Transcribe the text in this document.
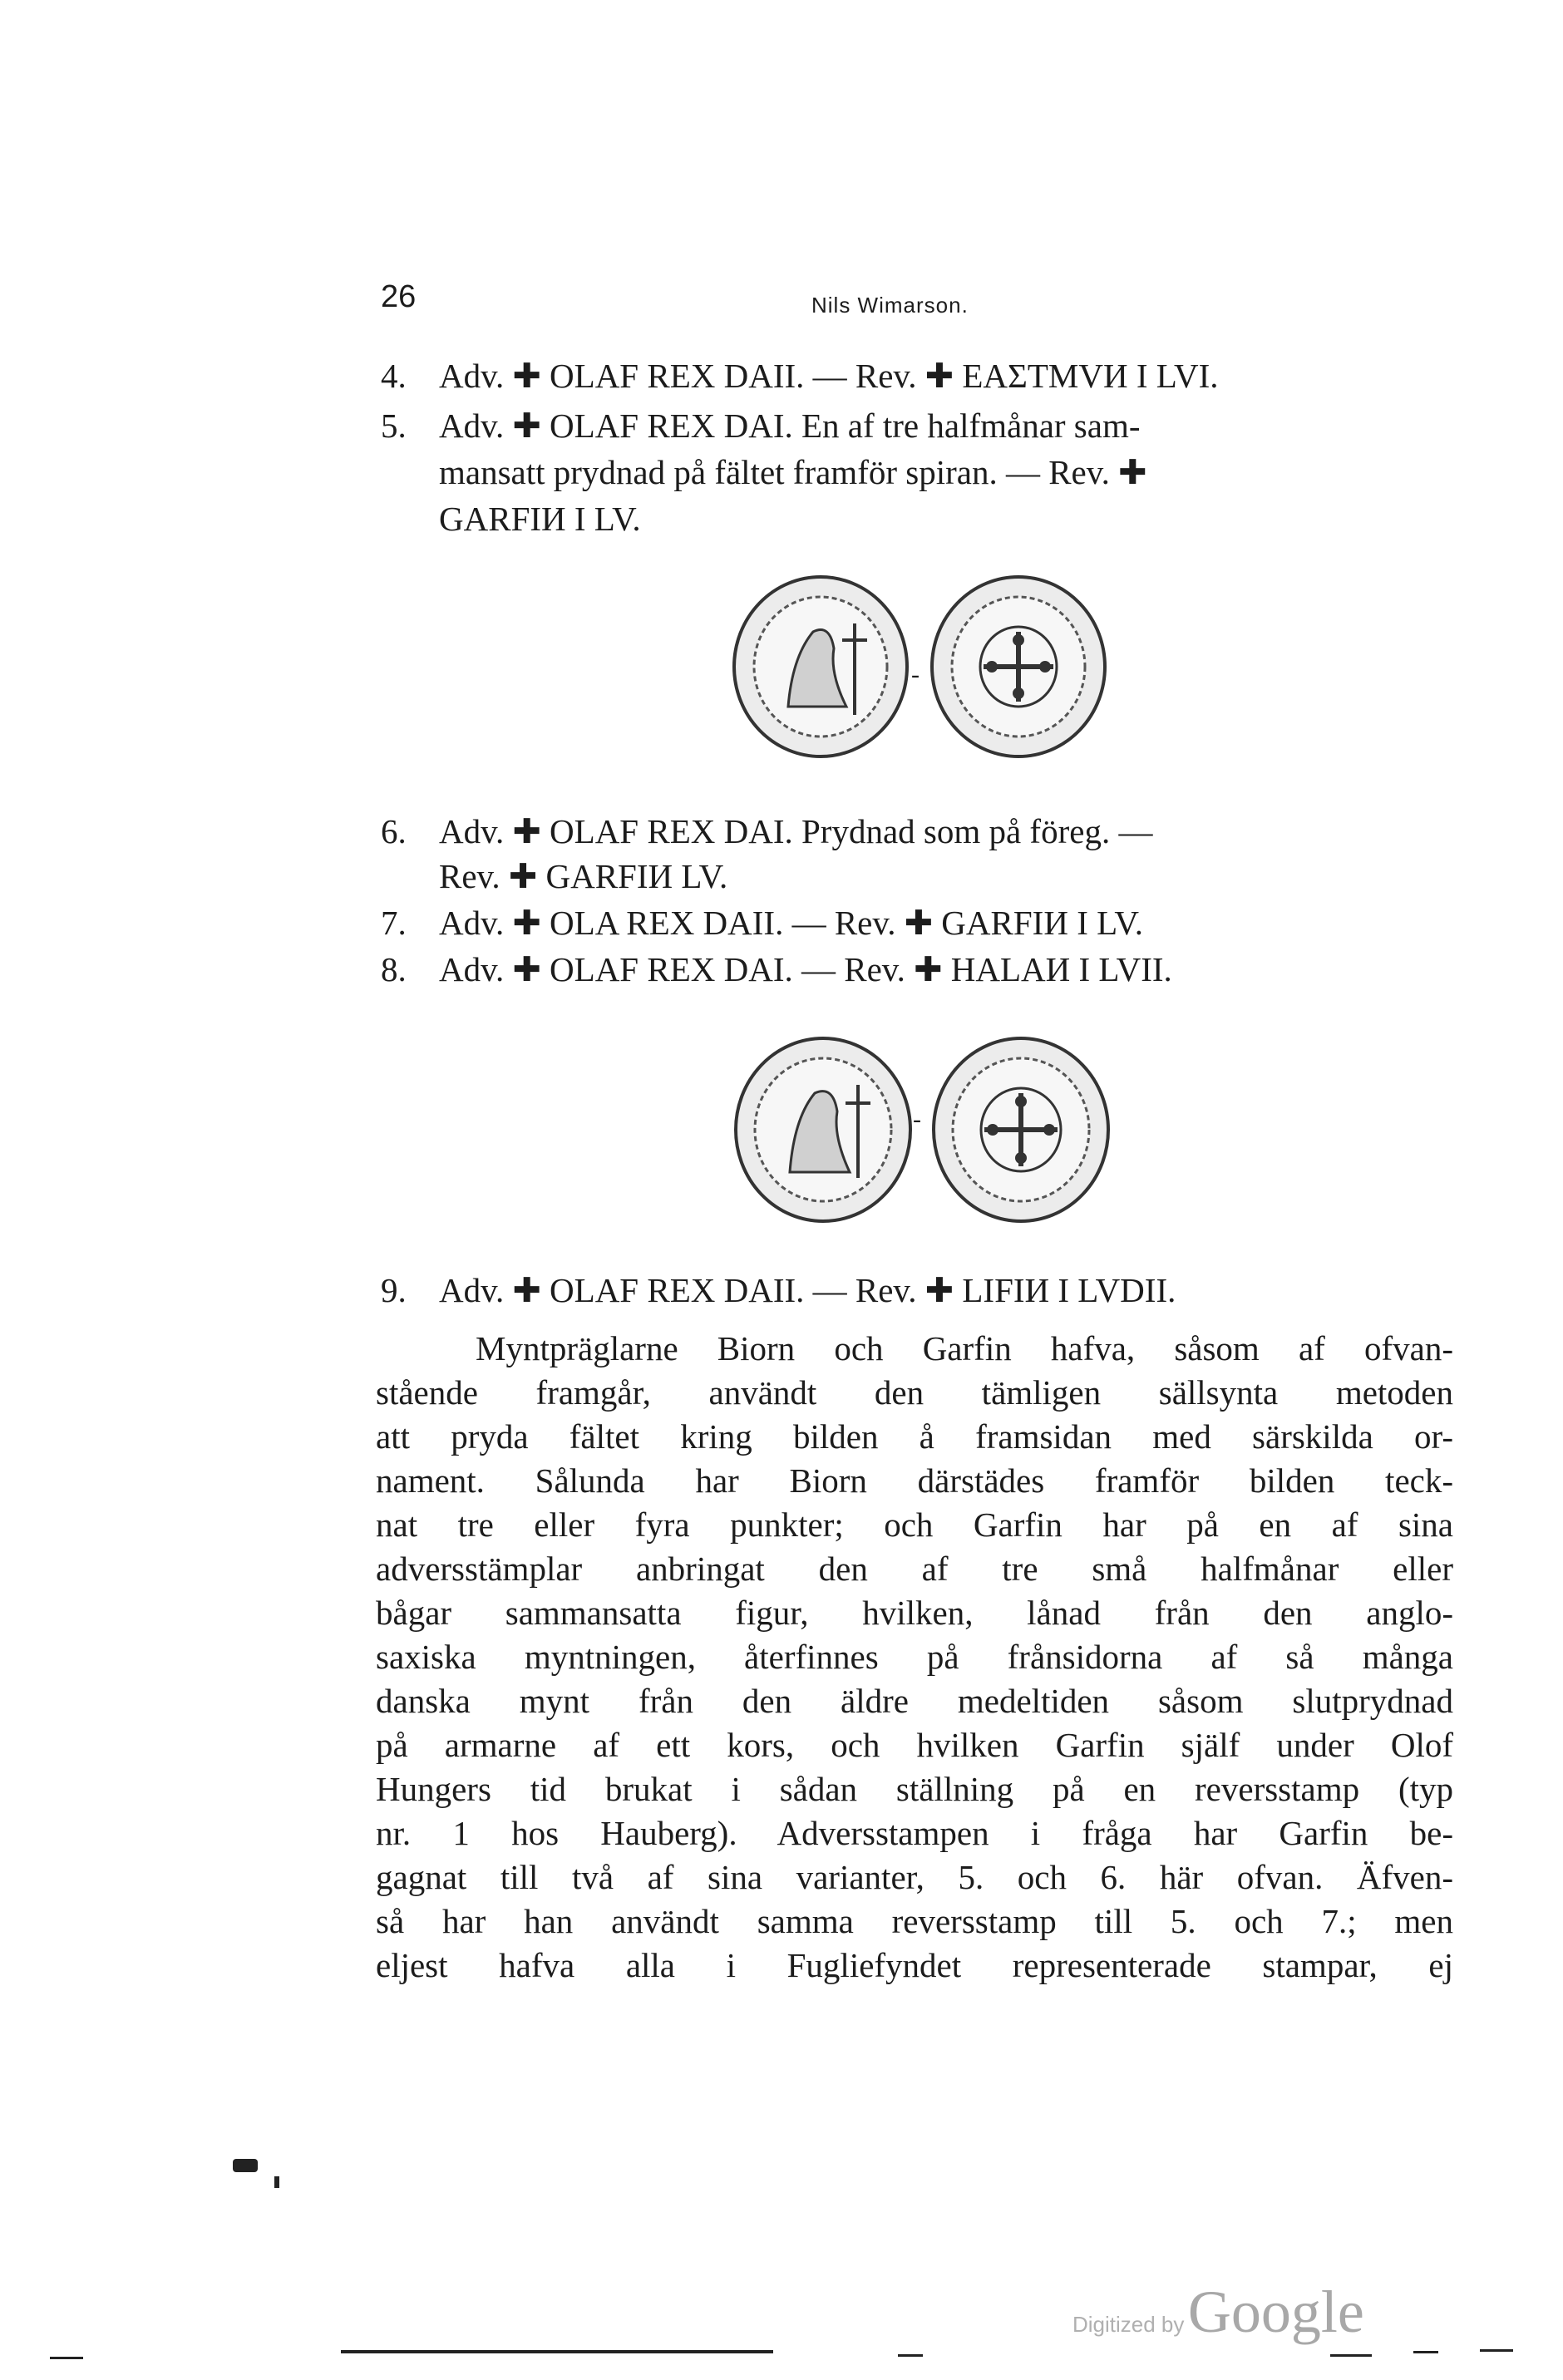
26	Nils Wimarson.
4. Adv. ✚ OLAF REX DAII. — Rev. ✚ EAΣTMVИ I LVI.
5. Adv. ✚ OLAF REX DAI. En af tre halfmånar sam-
mansatt prydnad på fältet framför spiran. — Rev. ✚
GARFIИ I LV.
-
6. Adv. ✚ OLAF REX DAI. Prydnad som på föreg. —
Rev. ✚ GARFIИ LV.
7. Adv. ✚ OLA REX DAII. — Rev. ✚ GARFIИ I LV.
8. Adv. ✚ OLAF REX DAI. — Rev. ✚ HALAИ I LVII.
-
9. Adv. ✚ OLAF REX DAII. — Rev. ✚ LIFIИ I LVDII.
Myntpräglarne Biorn och Garfin hafva, såsom af ofvan-
stående framgår, användt den tämligen sällsynta metoden
att pryda fältet kring bilden å framsidan med särskilda or-
nament. Sålunda har Biorn därstädes framför bilden teck-
nat tre eller fyra punkter; och Garfin har på en af sina
adversstämplar anbringat den af tre små halfmånar eller
bågar sammansatta figur, hvilken, lånad från den anglo-
saxiska myntningen, återfinnes på frånsidorna af så många
danska mynt från den äldre medeltiden såsom slutprydnad
på armarne af ett kors, och hvilken Garfin själf under Olof
Hungers tid brukat i sådan ställning på en reversstamp (typ
nr. 1 hos Hauberg). Adversstampen i fråga har Garfin be-
gagnat till två af sina varianter, 5. och 6. här ofvan. Äfven-
så har han användt samma reversstamp till 5. och 7.; men
eljest hafva alla i Fugliefyndet representerade stampar, ej
Digitized by Google
